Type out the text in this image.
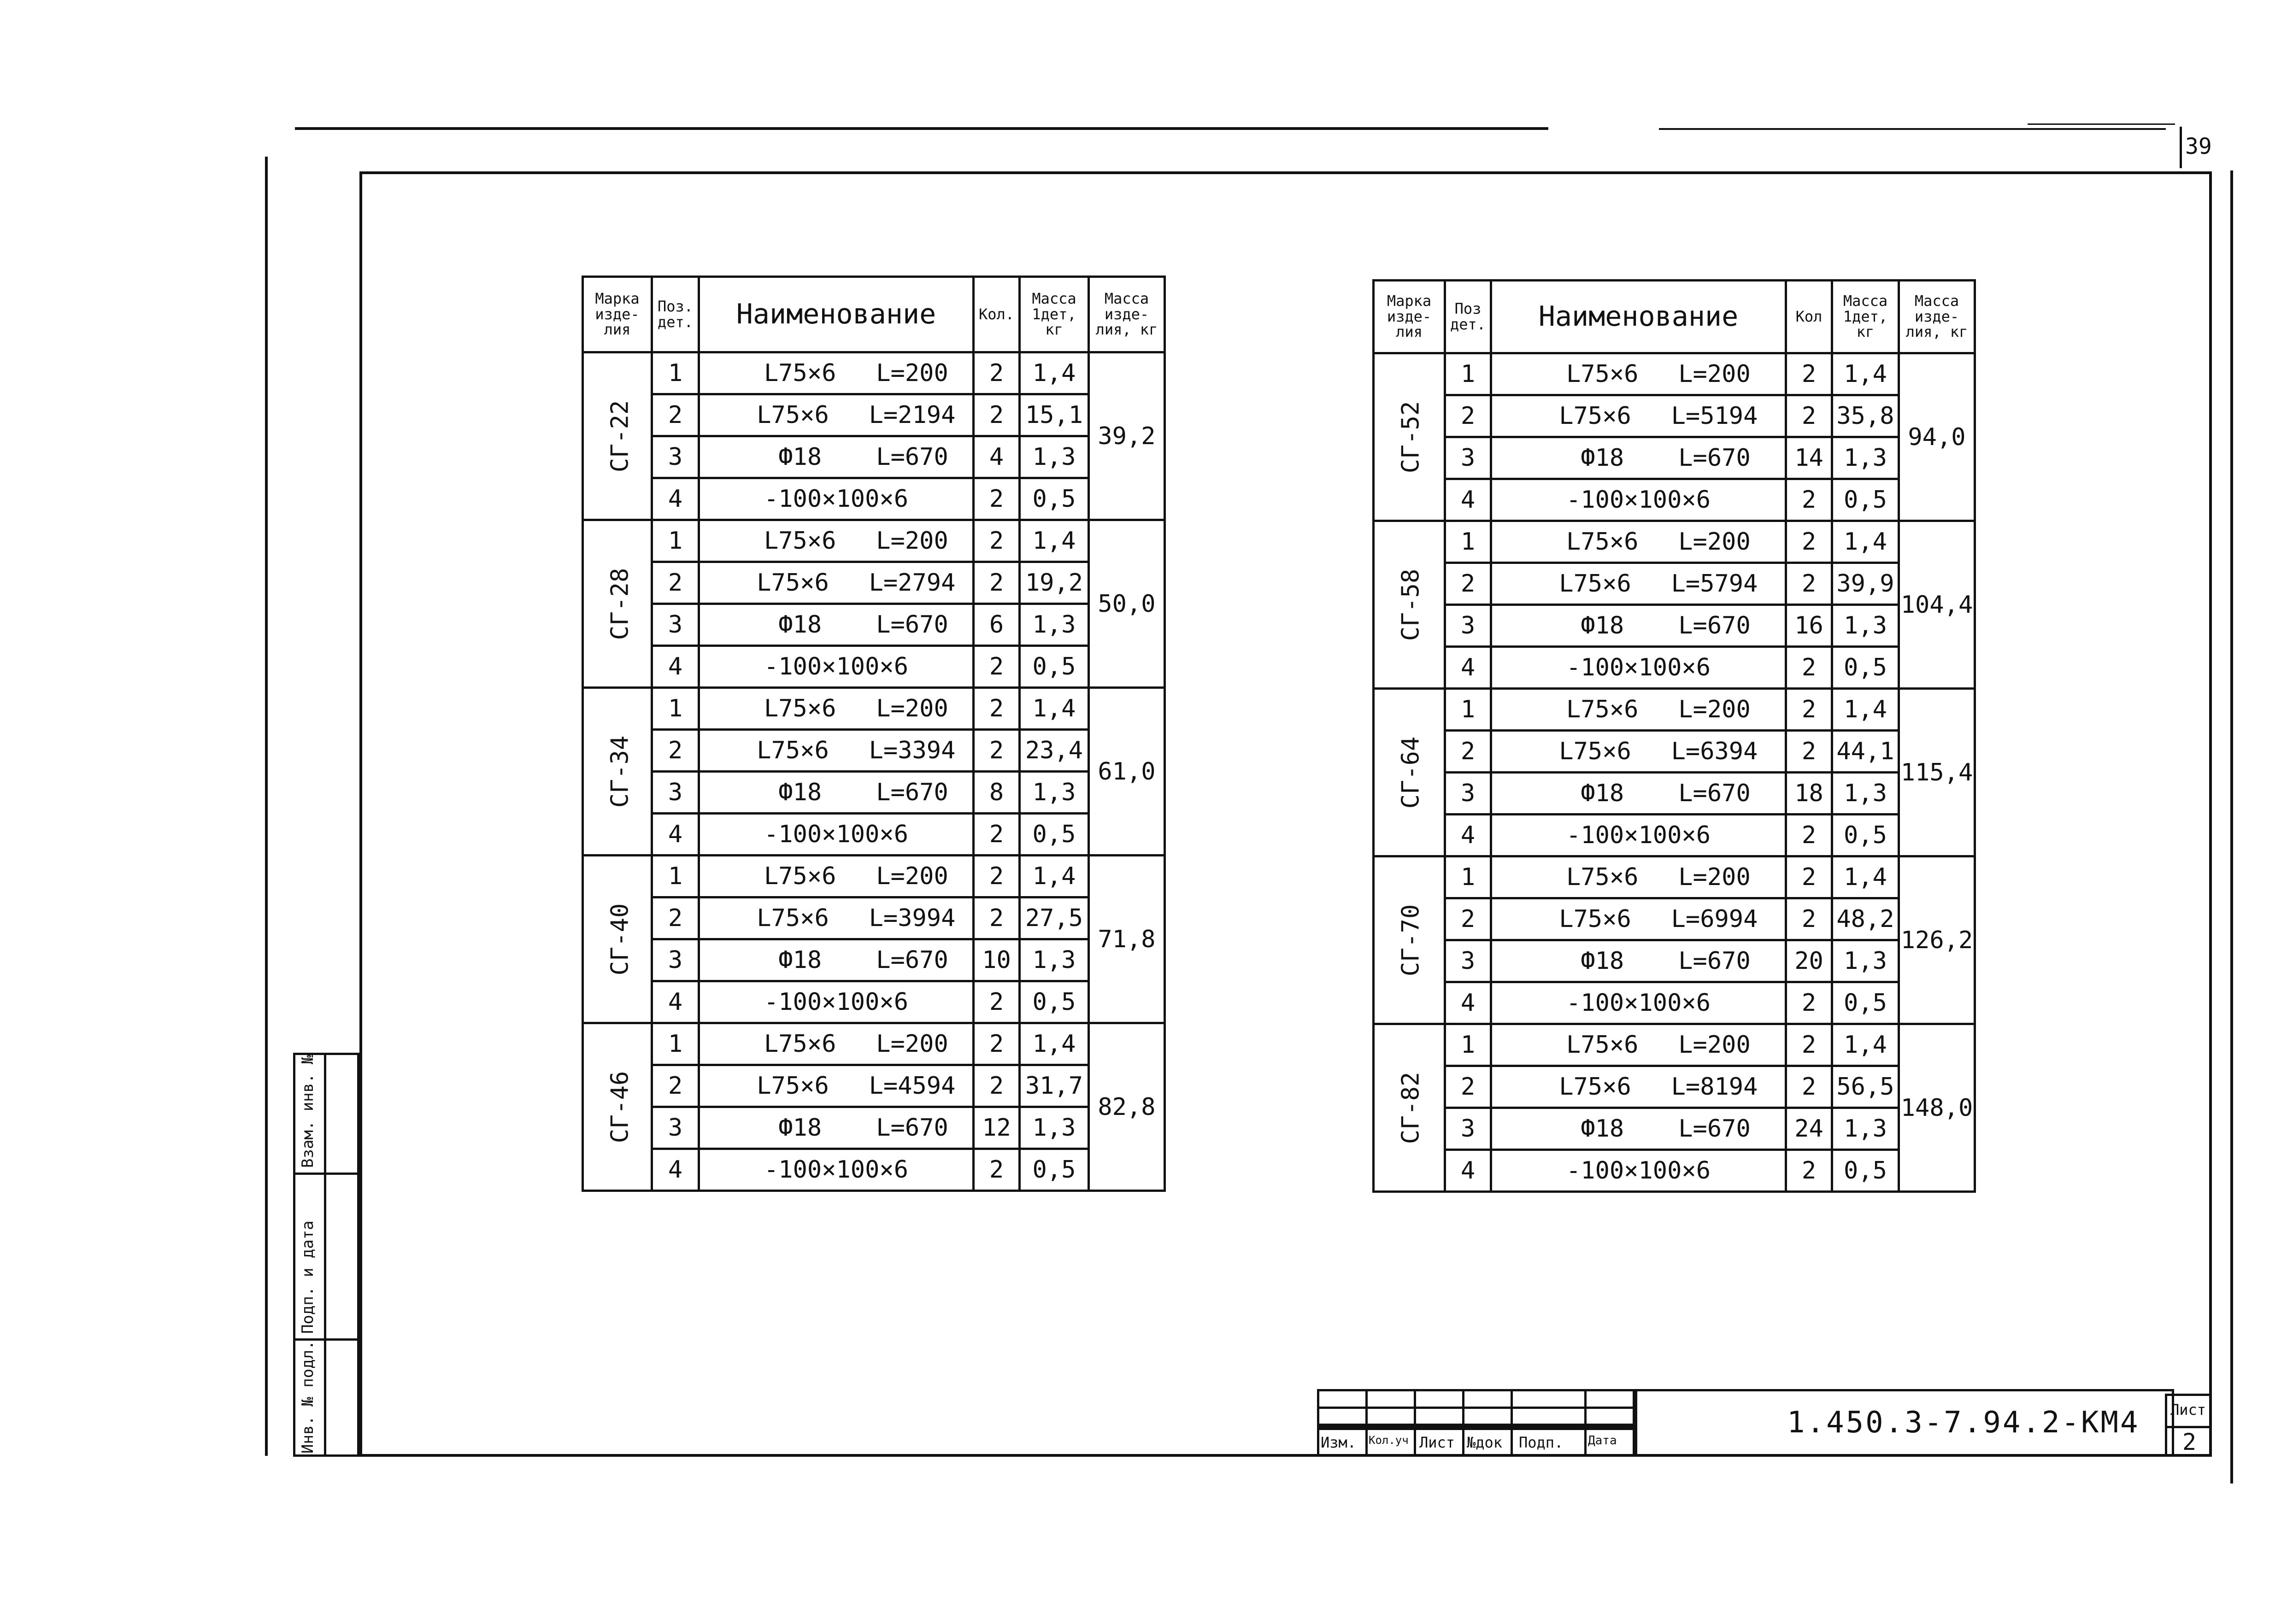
39
Марка изде-лия	Поз. дет.	Наименование	Кол.	Масса 1дет, кг	Масса изде-лия, кг
СГ-22	1	L75×6 L=200	2	1,4	39,2
	2	L75×6 L=2194	2	15,1	
	3	Ф18 L=670	4	1,3	
	4	-100×100×6	2	0,5	
СГ-28	1	L75×6 L=200	2	1,4	50,0
	2	L75×6 L=2794	2	19,2	
	3	Ф18 L=670	6	1,3	
	4	-100×100×6	2	0,5	
СГ-34	1	L75×6 L=200	2	1,4	61,0
	2	L75×6 L=3394	2	23,4	
	3	Ф18 L=670	8	1,3	
	4	-100×100×6	2	0,5	
СГ-40	1	L75×6 L=200	2	1,4	71,8
	2	L75×6 L=3994	2	27,5	
	3	Ф18 L=670	10	1,3	
	4	-100×100×6	2	0,5	
СГ-46	1	L75×6 L=200	2	1,4	82,8
	2	L75×6 L=4594	2	31,7	
	3	Ф18 L=670	12	1,3	
	4	-100×100×6	2	0,5	
Марка изде-лия	Поз дет.	Наименование	Кол	Масса 1дет, кг	Масса изде-лия, кг
СГ-52	1	L75×6 L=200	2	1,4	94,0
	2	L75×6 L=5194	2	35,8	
	3	Ф18 L=670	14	1,3	
	4	-100×100×6	2	0,5	
СГ-58	1	L75×6 L=200	2	1,4	104,4
	2	L75×6 L=5794	2	39,9	
	3	Ф18 L=670	16	1,3	
	4	-100×100×6	2	0,5	
СГ-64	1	L75×6 L=200	2	1,4	115,4
	2	L75×6 L=6394	2	44,1	
	3	Ф18 L=670	18	1,3	
	4	-100×100×6	2	0,5	
СГ-70	1	L75×6 L=200	2	1,4	126,2
	2	L75×6 L=6994	2	48,2	
	3	Ф18 L=670	20	1,3	
	4	-100×100×6	2	0,5	
СГ-82	1	L75×6 L=200	2	1,4	148,0
	2	L75×6 L=8194	2	56,5	
	3	Ф18 L=670	24	1,3	
	4	-100×100×6	2	0,5	
Изм. Кол.уч Лист №док Подп. Дата
1.450.3-7.94.2-КМ4 Лист
2
Инв. № подл.
Подп. и дата
Взам. инв. №
